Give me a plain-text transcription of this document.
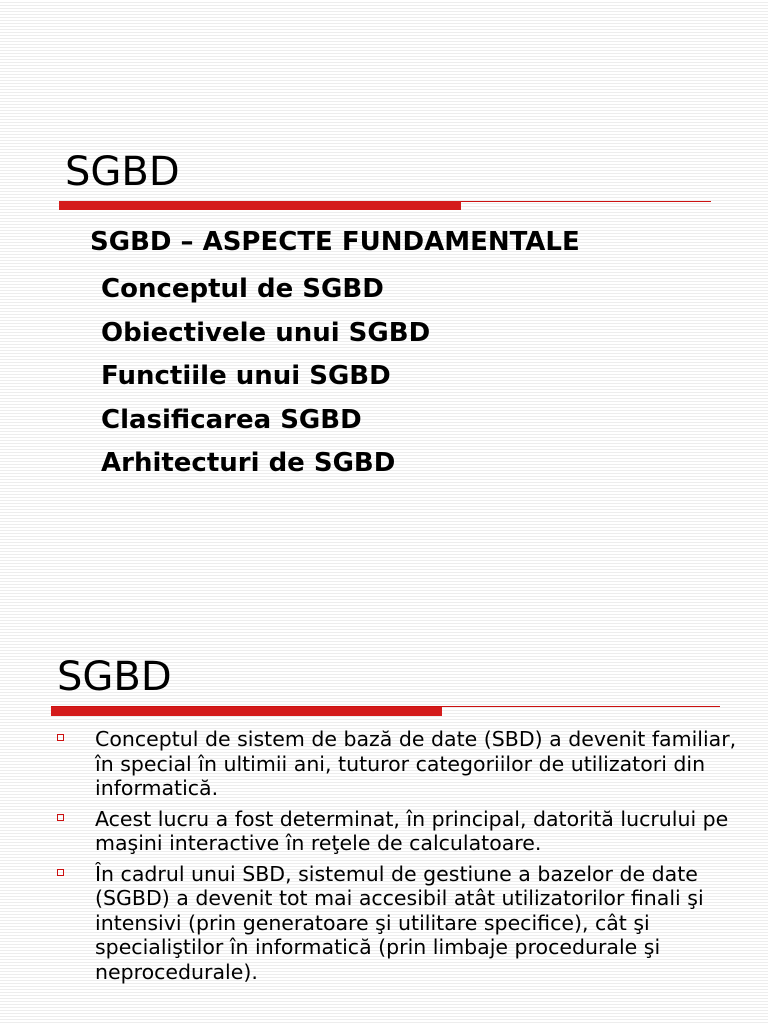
SGBD
SGBD – ASPECTE FUNDAMENTALE
Conceptul de SGBD
Obiectivele unui SGBD
Functiile unui SGBD
Clasificarea SGBD
Arhitecturi de SGBD
SGBD
Conceptul de sistem de bază de date (SBD) a devenit familiar, în special în ultimii ani, tuturor categoriilor de utilizatori din informatică.
Acest lucru a fost determinat, în principal, datorită lucrului pe maşini interactive în reţele de calculatoare.
În cadrul unui SBD, sistemul de gestiune a bazelor de date (SGBD) a devenit tot mai accesibil atât utilizatorilor finali şi intensivi (prin generatoare şi utilitare specifice), cât şi specialiştilor în informatică (prin limbaje procedurale şi neprocedurale).
